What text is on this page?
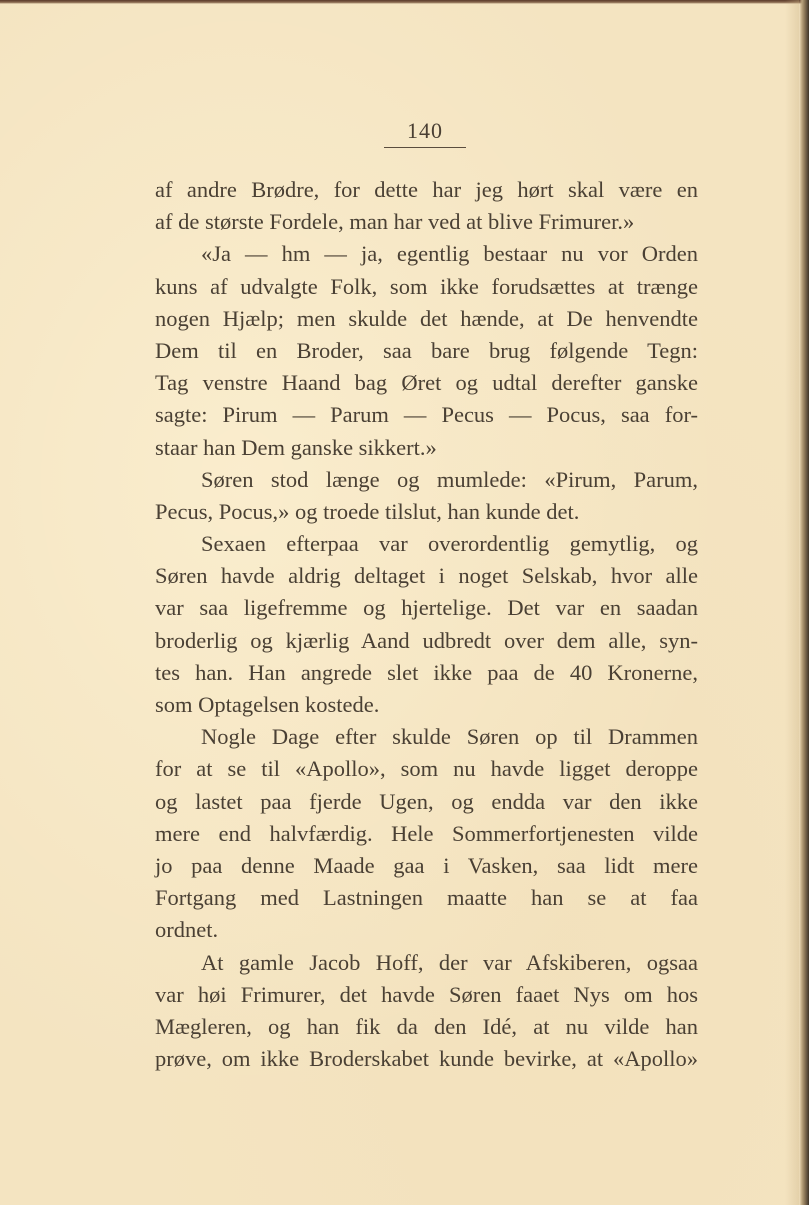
140
af andre Brødre, for dette har jeg hørt skal være en
af de største Fordele, man har ved at blive Frimurer.»
«Ja — hm — ja, egentlig bestaar nu vor Orden
kuns af udvalgte Folk, som ikke forudsættes at trænge
nogen Hjælp; men skulde det hænde, at De henvendte
Dem til en Broder, saa bare brug følgende Tegn:
Tag venstre Haand bag Øret og udtal derefter ganske
sagte: Pirum — Parum — Pecus — Pocus, saa for-
staar han Dem ganske sikkert.»
Søren stod længe og mumlede: «Pirum, Parum,
Pecus, Pocus,» og troede tilslut, han kunde det.
Sexaen efterpaa var overordentlig gemytlig, og
Søren havde aldrig deltaget i noget Selskab, hvor alle
var saa ligefremme og hjertelige. Det var en saadan
broderlig og kjærlig Aand udbredt over dem alle, syn-
tes han. Han angrede slet ikke paa de 40 Kronerne,
som Optagelsen kostede.
Nogle Dage efter skulde Søren op til Drammen
for at se til «Apollo», som nu havde ligget deroppe
og lastet paa fjerde Ugen, og endda var den ikke
mere end halvfærdig. Hele Sommerfortjenesten vilde
jo paa denne Maade gaa i Vasken, saa lidt mere
Fortgang med Lastningen maatte han se at faa
ordnet.
At gamle Jacob Hoff, der var Afskiberen, ogsaa
var høi Frimurer, det havde Søren faaet Nys om hos
Mægleren, og han fik da den Idé, at nu vilde han
prøve, om ikke Broderskabet kunde bevirke, at «Apollo»
